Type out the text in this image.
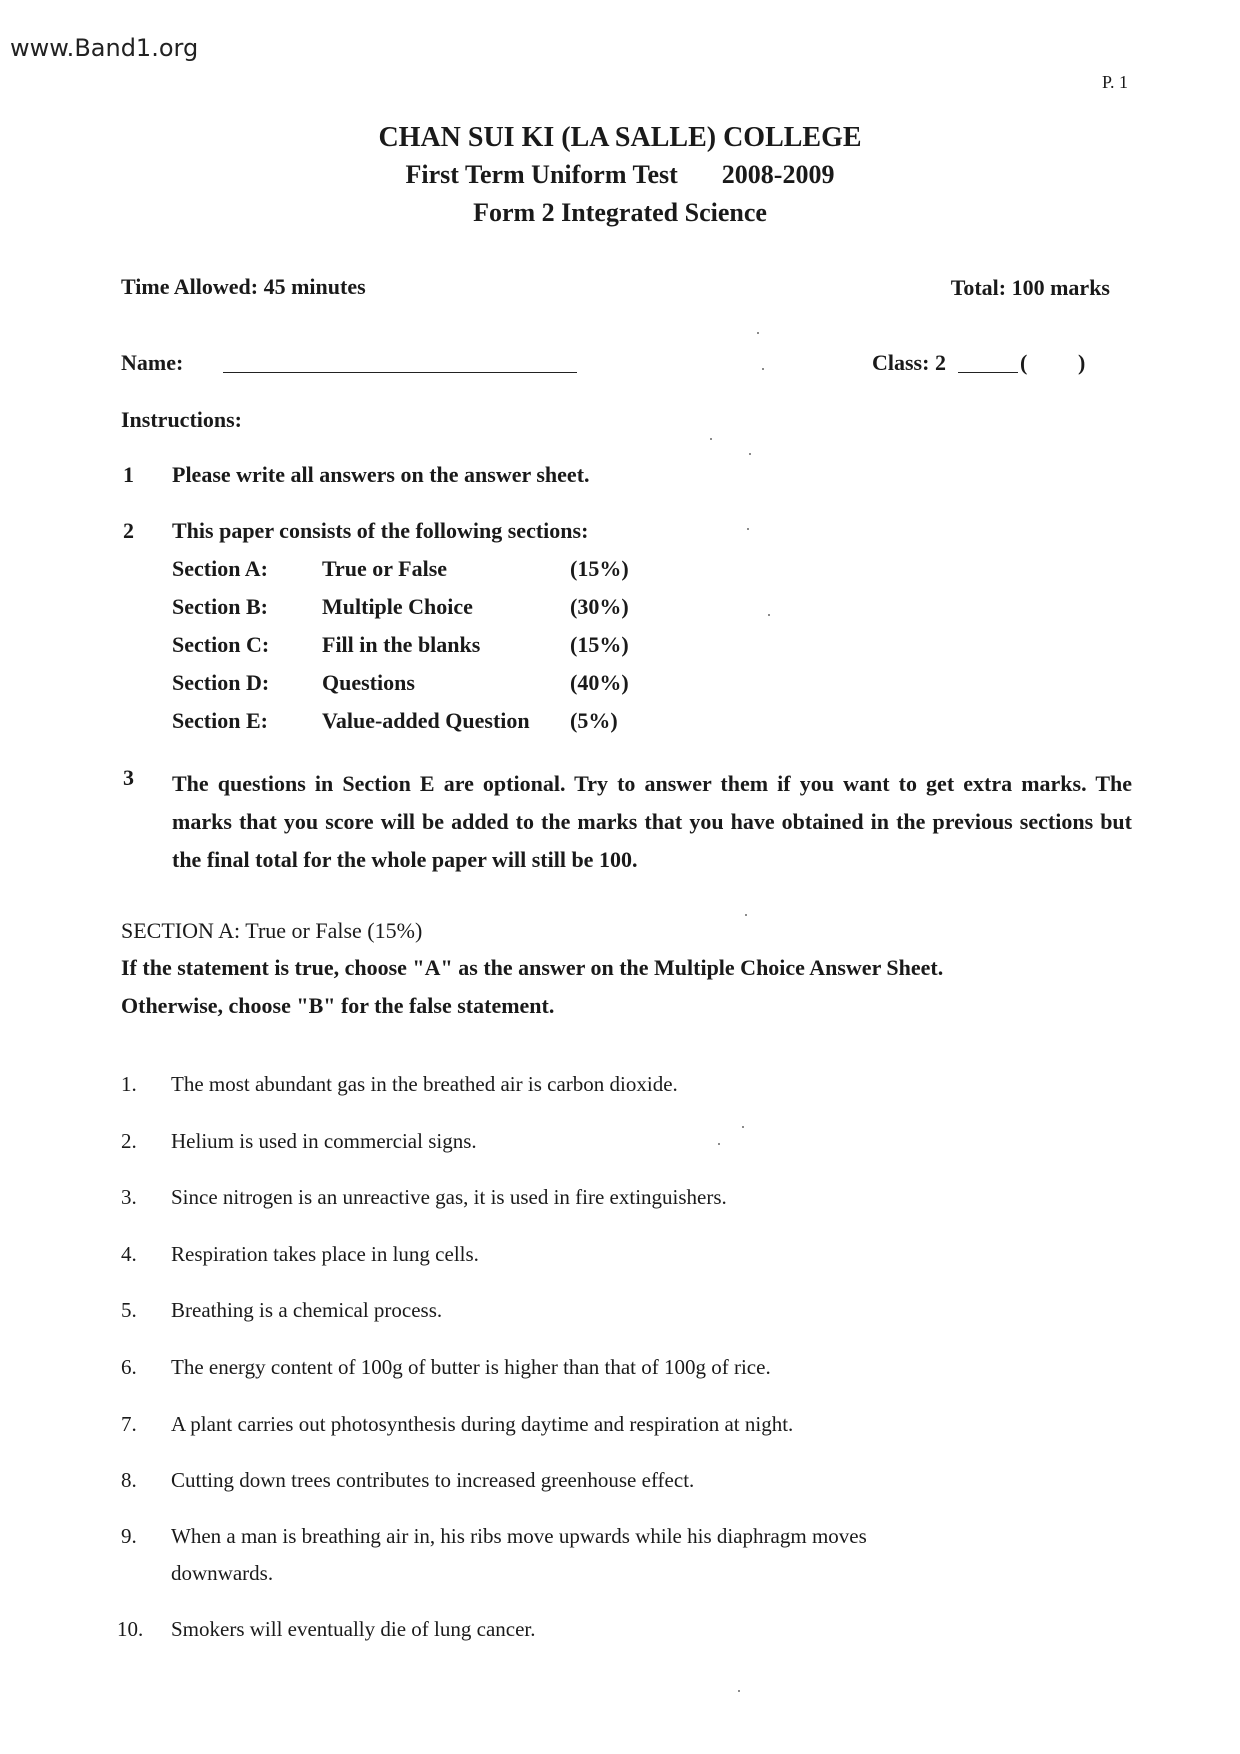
www.Band1.org
P. 1
CHAN SUI KI (LA SALLE) COLLEGE
First Term Uniform Test 2008-2009
Form 2 Integrated Science
Time Allowed: 45 minutes	Total: 100 marks
Name:	Class: 2	( )
Instructions:
1 Please write all answers on the answer sheet.
2 This paper consists of the following sections:
Section A: True or False	(15%)
Section B: Multiple Choice	(30%)
Section C: Fill in the blanks	(15%)
Section D: Questions	(40%)
Section E: Value-added Question (5%)
3 The questions in Section E are optional. Try to answer them if you want to get extra marks. The marks that you score will be added to the marks that you have obtained in the previous sections but the final total for the whole paper will still be 100.
SECTION A: True or False (15%)
If the statement is true, choose "A" as the answer on the Multiple Choice Answer Sheet.
Otherwise, choose "B" for the false statement.
1. The most abundant gas in the breathed air is carbon dioxide.
2. Helium is used in commercial signs.
3. Since nitrogen is an unreactive gas, it is used in fire extinguishers.
4. Respiration takes place in lung cells.
5. Breathing is a chemical process.
6. The energy content of 100g of butter is higher than that of 100g of rice.
7. A plant carries out photosynthesis during daytime and respiration at night.
8. Cutting down trees contributes to increased greenhouse effect.
9. When a man is breathing air in, his ribs move upwards while his diaphragm moves
downwards.
10. Smokers will eventually die of lung cancer.
